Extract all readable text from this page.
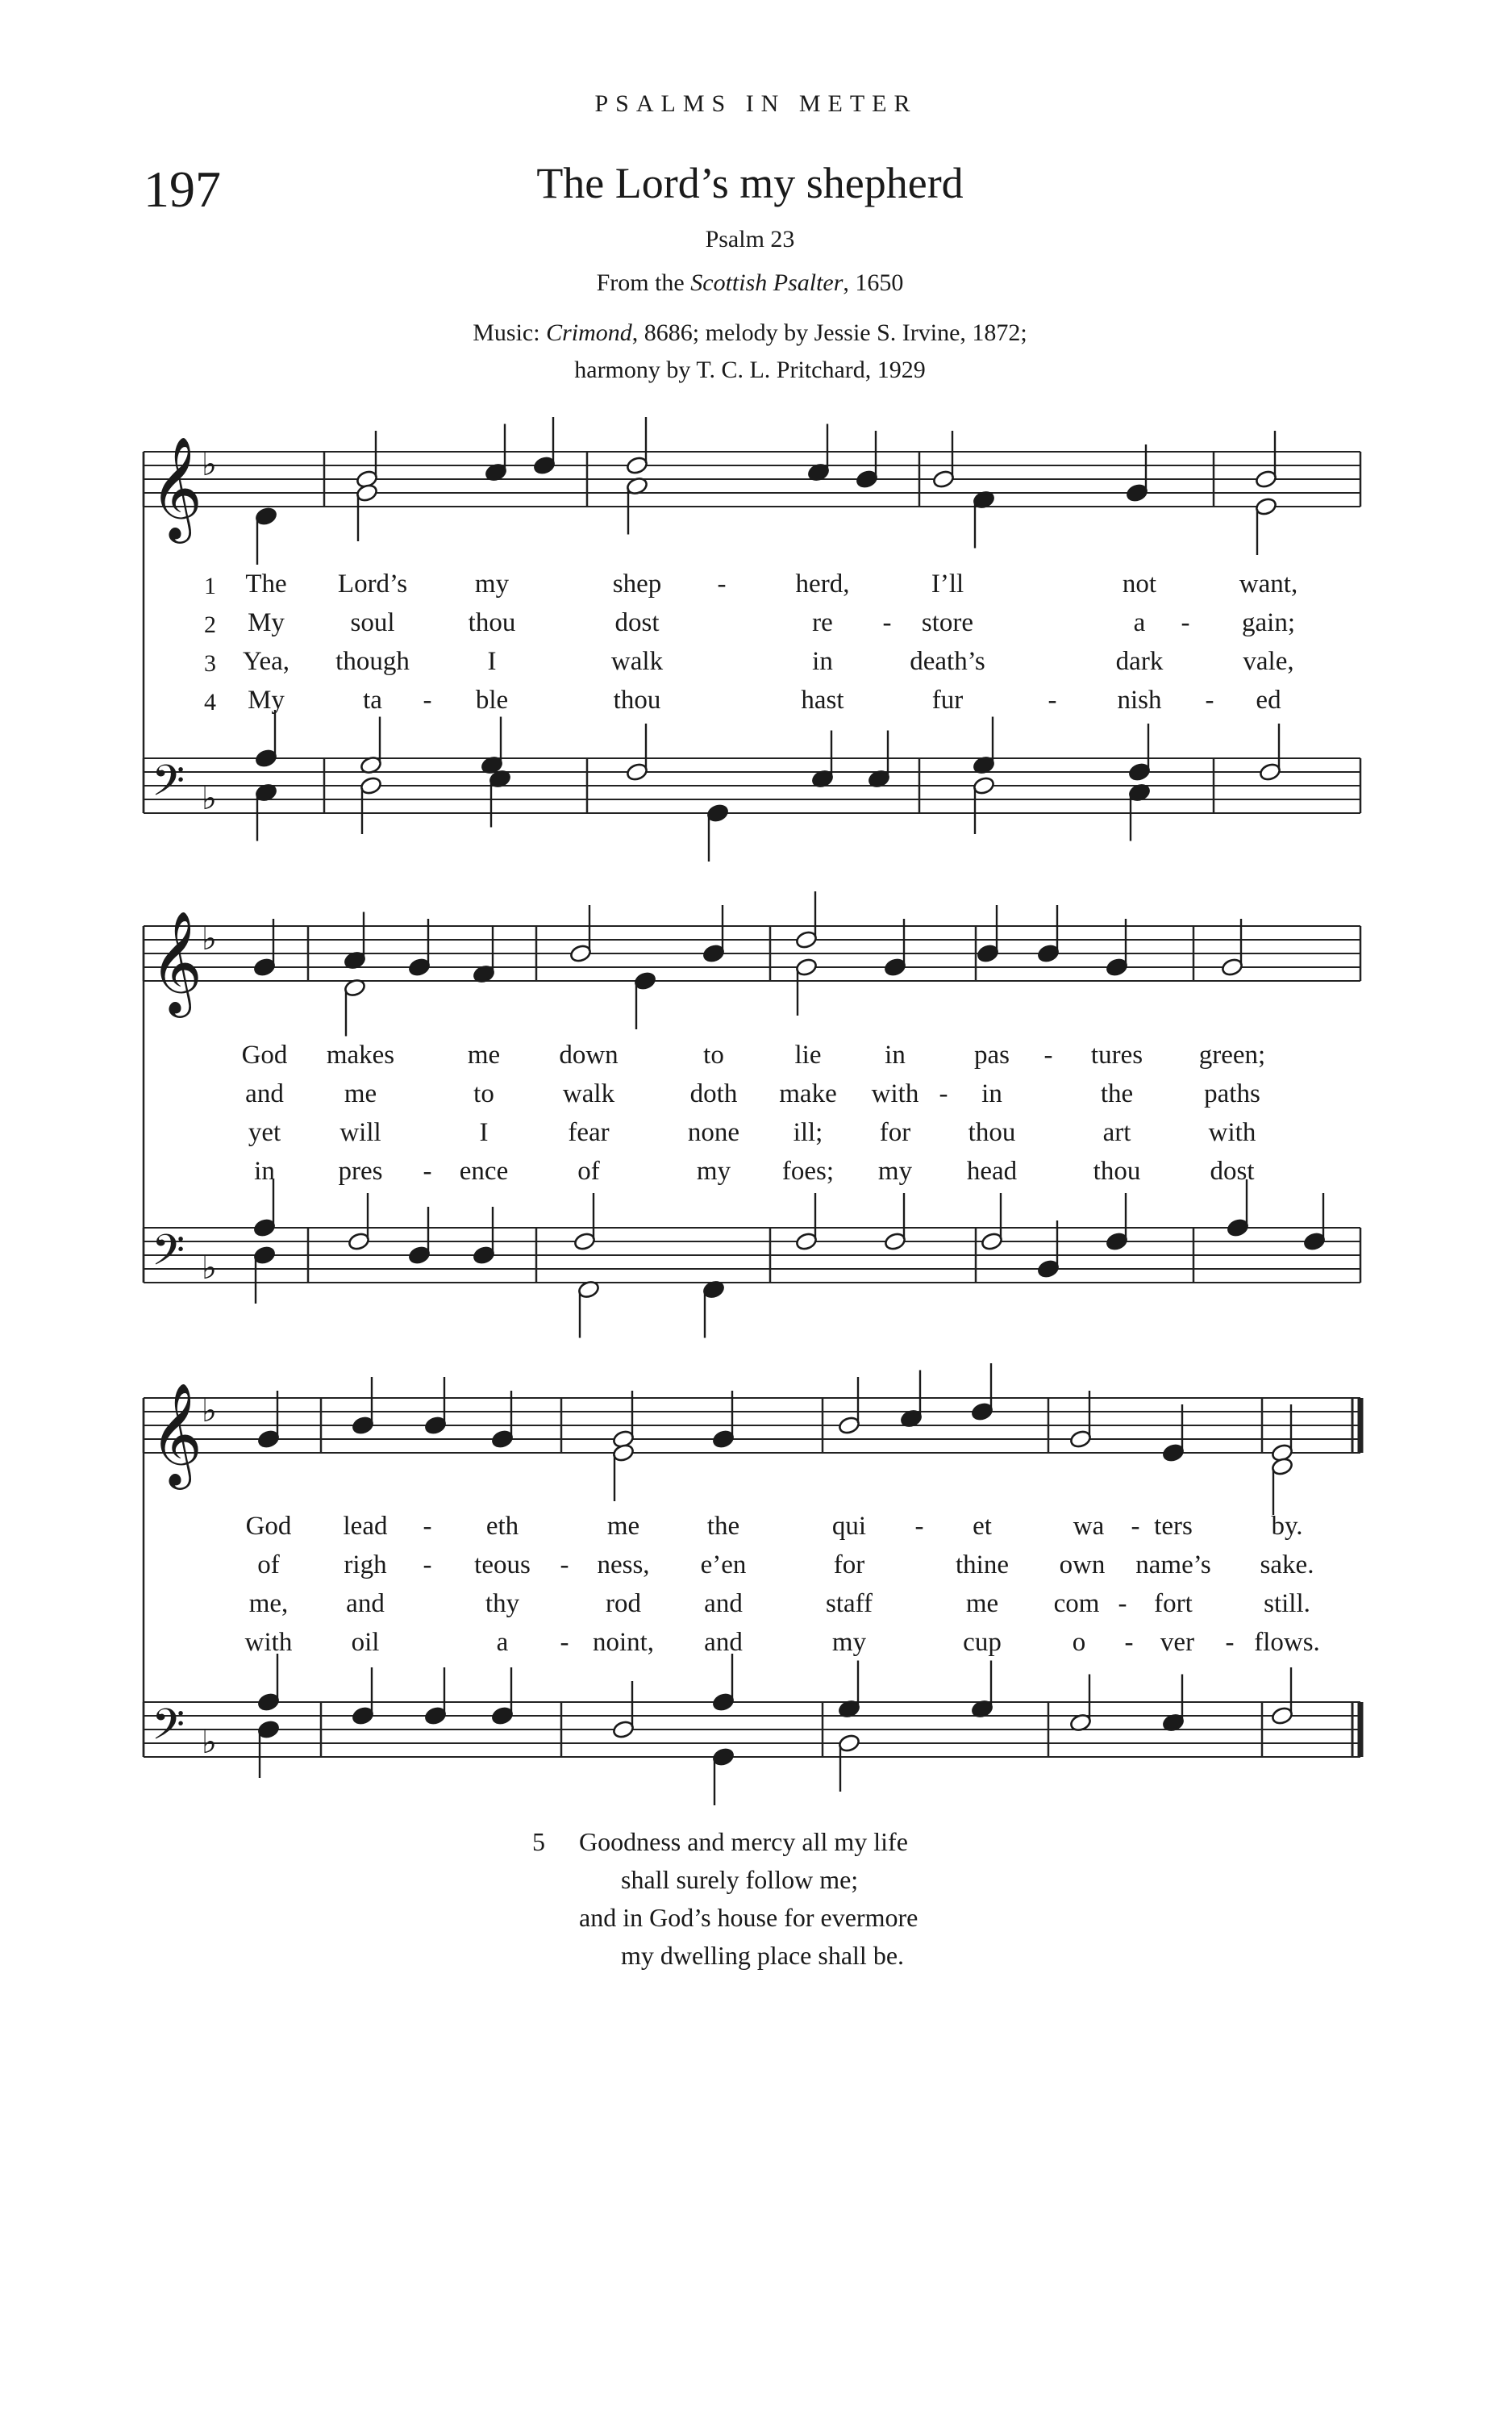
PSALMS IN METER
197	The Lord’s my shepherd
Psalm 23
From the Scottish Psalter, 1650
Music: Crimond, 8686; melody by Jessie S. Irvine, 1872;
harmony by T. C. L. Pritchard, 1929
𝄞
𝄢
♭
♭
𝄞
𝄢
♭
♭
𝄞
𝄢
♭
♭
The Lord’s	my	shep -	herd,	I’ll	not	want,
My soul	thou	dost	re - store	a - gain;
Yea, though	I	walk	in	death’s	dark	vale,
My	ta - ble	thou	hast	fur	- nish - ed
God makes	me down	to	lie in	pas - tures green;
and me	to	walk	doth make with - in	the	paths
yet will	I	fear	none ill; for thou	art	with
in pres - ence	of	my foes; my head	thou	dost
God lead - eth	me	the	qui - et	wa - ters	by.
of righ - teous - ness, e’en	for	thine own name’s sake.
me, and	thy	rod and	staff	me com - fort	still.
with oil	a - noint, and	my	cup	o - ver - flows.
1
2
3
4
5 Goodness and mercy all my life
shall surely follow me;
and in God’s house for evermore
my dwelling place shall be.
